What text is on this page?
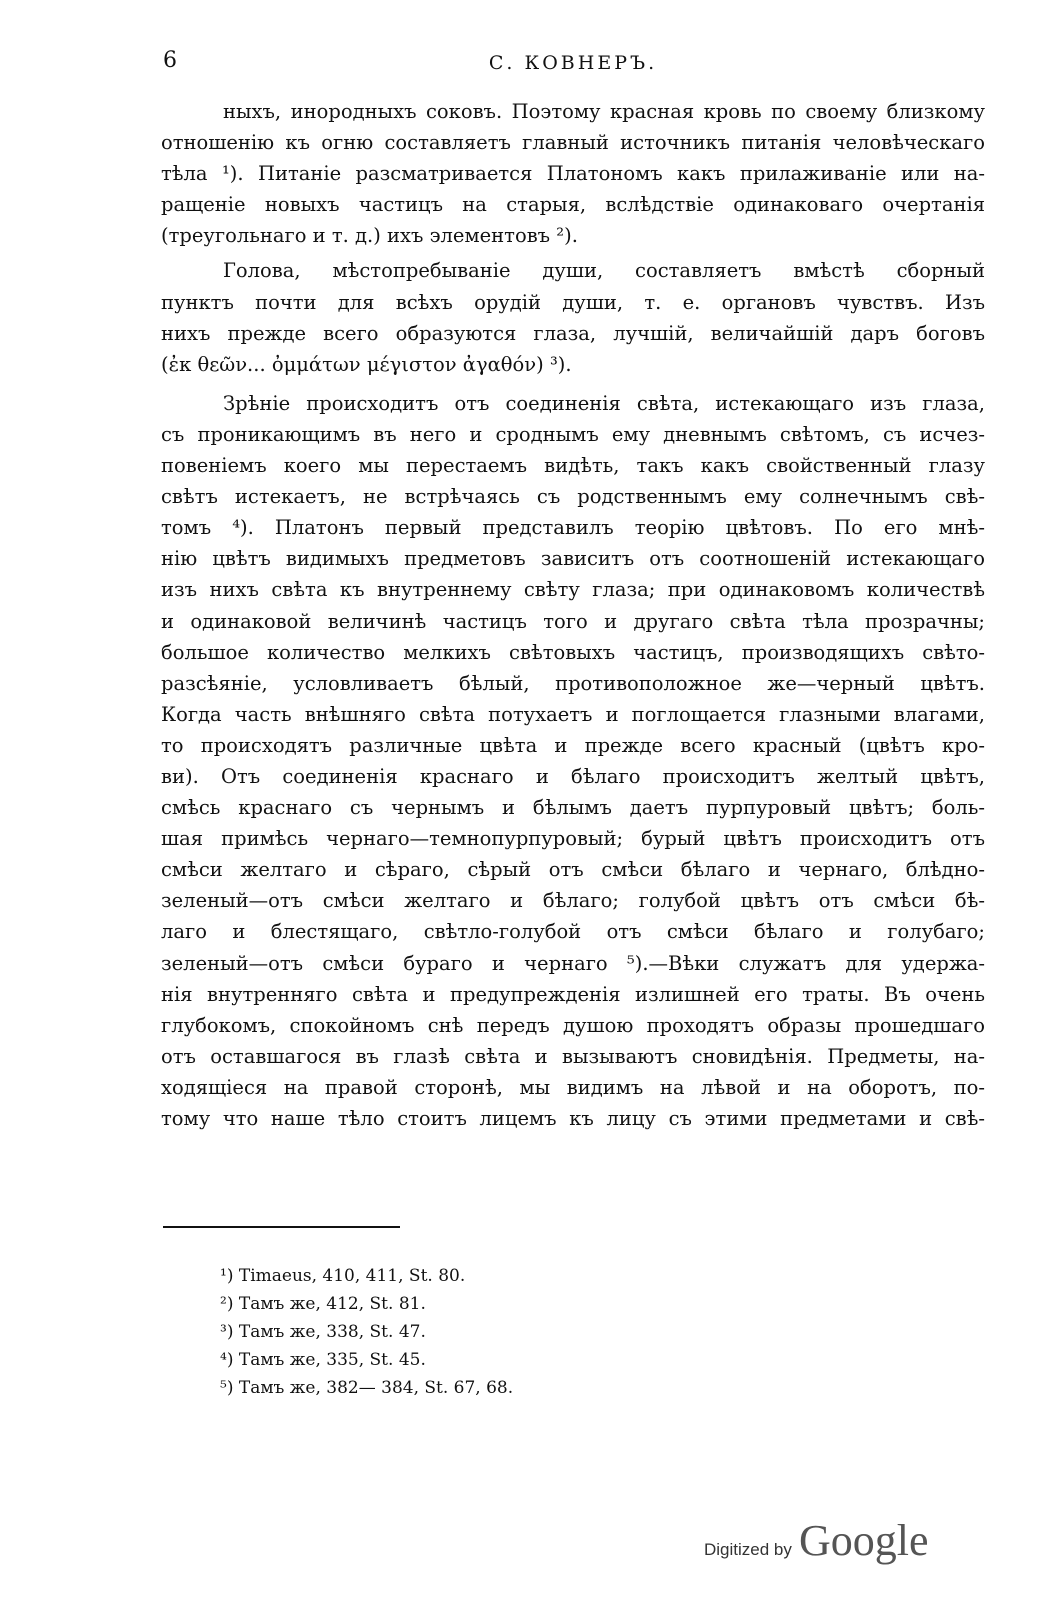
6	С. КОВНЕРЪ.
ныхъ, инородныхъ соковъ. Поэтому красная кровь по своему близкому
отношенію къ огню составляетъ главный источникъ питанія человѣческаго
тѣла ¹). Питаніе разсматривается Платономъ какъ прилаживаніе или на-
ращеніе новыхъ частицъ на старыя, вслѣдствіе одинаковаго очертанія
(треугольнаго и т. д.) ихъ элементовъ ²).
Голова, мѣстопребываніе души, составляетъ вмѣстѣ сборный
пунктъ почти для всѣхъ орудій души, т. е. органовъ чувствъ. Изъ
нихъ прежде всего образуются глаза, лучшій, величайшій даръ боговъ
(ἐκ θεῶν... ὀμμάτων μέγιστον ἀγαθόν) ³).
Зрѣніе происходитъ отъ соединенія свѣта, истекающаго изъ глаза,
съ проникающимъ въ него и сроднымъ ему дневнымъ свѣтомъ, съ исчез-
повеніемъ коего мы перестаемъ видѣть, такъ какъ свойственный глазу
свѣтъ истекаетъ, не встрѣчаясь съ родственнымъ ему солнечнымъ свѣ-
томъ ⁴). Платонъ первый представилъ теорію цвѣтовъ. По его мнѣ-
нію цвѣтъ видимыхъ предметовъ зависитъ отъ соотношеній истекающаго
изъ нихъ свѣта къ внутреннему свѣту глаза; при одинаковомъ количествѣ
и одинаковой величинѣ частицъ того и другаго свѣта тѣла прозрачны;
большое количество мелкихъ свѣтовыхъ частицъ, производящихъ свѣто-
разсѣяніе, условливаетъ бѣлый, противоположное же—черный цвѣтъ.
Когда часть внѣшняго свѣта потухаетъ и поглощается глазными влагами,
то происходятъ различные цвѣта и прежде всего красный (цвѣтъ кро-
ви). Отъ соединенія краснаго и бѣлаго происходитъ желтый цвѣтъ,
смѣсь краснаго съ чернымъ и бѣлымъ даетъ пурпуровый цвѣтъ; боль-
шая примѣсь чернаго—темнопурпуровый; бурый цвѣтъ происходитъ отъ
смѣси желтаго и сѣраго, сѣрый отъ смѣси бѣлаго и чернаго, блѣдно-
зеленый—отъ смѣси желтаго и бѣлаго; голубой цвѣтъ отъ смѣси бѣ-
лаго и блестящаго, свѣтло-голубой отъ смѣси бѣлаго и голубаго;
зеленый—отъ смѣси бураго и чернаго ⁵).—Вѣки служатъ для удержа-
нія внутренняго свѣта и предупрежденія излишней его траты. Въ очень
глубокомъ, спокойномъ снѣ передъ душою проходятъ образы прошедшаго
отъ оставшагося въ глазѣ свѣта и вызываютъ сновидѣнія. Предметы, на-
ходящіеся на правой сторонѣ, мы видимъ на лѣвой и на оборотъ, по-
тому что наше тѣло стоитъ лицемъ къ лицу съ этими предметами и свѣ-
¹) Timaeus, 410, 411, St. 80.
²) Тамъ же, 412, St. 81.
³) Тамъ же, 338, St. 47.
⁴) Тамъ же, 335, St. 45.
⁵) Тамъ же, 382— 384, St. 67, 68.
Digitized by Google
